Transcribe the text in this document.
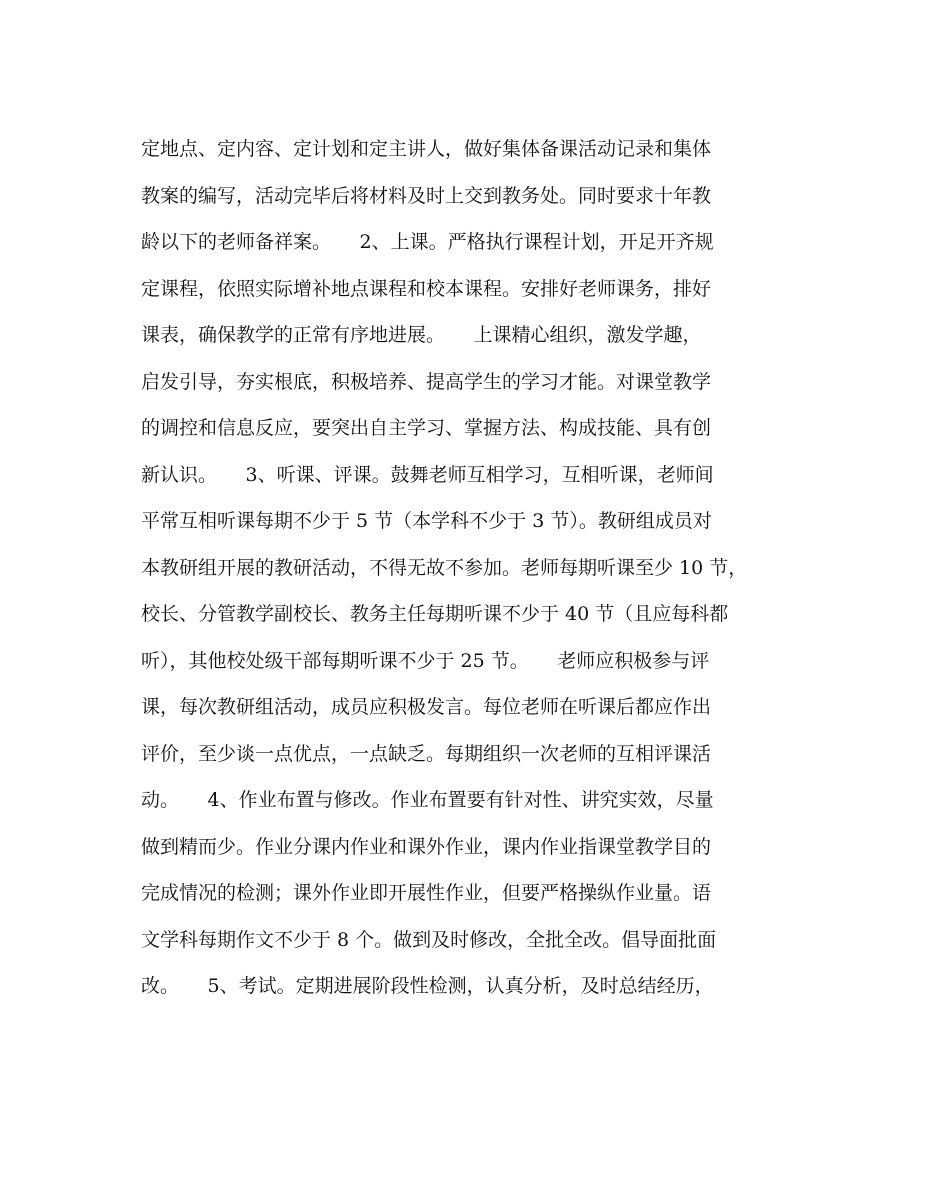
定地点、定内容、定计划和定主讲人，做好集体备课活动记录和集体
教案的编写，活动完毕后将材料及时上交到教务处。同时要求十年教
龄以下的老师备祥案。　　2、上课。严格执行课程计划，开足开齐规
定课程，依照实际增补地点课程和校本课程。安排好老师课务，排好
课表，确保教学的正常有序地进展。　　上课精心组织，激发学趣，
启发引导，夯实根底，积极培养、提高学生的学习才能。对课堂教学
的调控和信息反应，要突出自主学习、掌握方法、构成技能、具有创
新认识。　　3、听课、评课。鼓舞老师互相学习，互相听课，老师间
平常互相听课每期不少于 5 节（本学科不少于 3 节）。教研组成员对
本教研组开展的教研活动，不得无故不参加。老师每期听课至少 10 节，
校长、分管教学副校长、教务主任每期听课不少于 40 节（且应每科都
听），其他校处级干部每期听课不少于 25 节。　　老师应积极参与评
课，每次教研组活动，成员应积极发言。每位老师在听课后都应作出
评价，至少谈一点优点，一点缺乏。每期组织一次老师的互相评课活
动。　　4、作业布置与修改。作业布置要有针对性、讲究实效，尽量
做到精而少。作业分课内作业和课外作业，课内作业指课堂教学目的
完成情况的检测；课外作业即开展性作业，但要严格操纵作业量。语
文学科每期作文不少于 8 个。做到及时修改，全批全改。倡导面批面
改。　　5、考试。定期进展阶段性检测，认真分析，及时总结经历，
